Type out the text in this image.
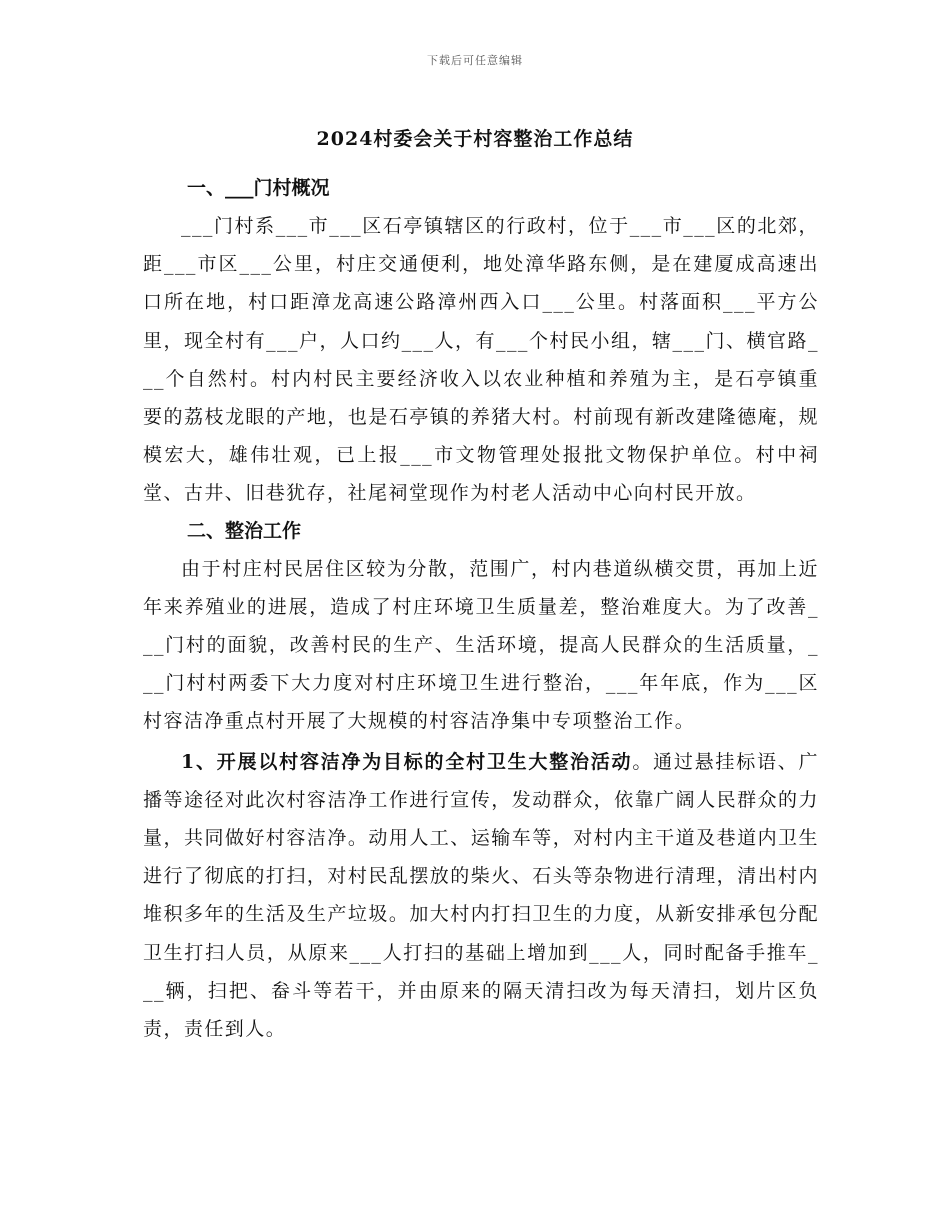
下载后可任意编辑
2024村委会关于村容整治工作总结

一、___门村概况

___门村系___市___区石亭镇辖区的行政村，位于___市___区的北郊，距___市区___公里，村庄交通便利，地处漳华路东侧，是在建厦成高速出口所在地，村口距漳龙高速公路漳州西入口___公里。村落面积___平方公里，现全村有___户，人口约___人，有___个村民小组，辖___门、横官路___个自然村。村内村民主要经济收入以农业种植和养殖为主，是石亭镇重要的荔枝龙眼的产地，也是石亭镇的养猪大村。村前现有新改建隆德庵，规模宏大，雄伟壮观，已上报___市文物管理处报批文物保护单位。村中祠堂、古井、旧巷犹存，社尾祠堂现作为村老人活动中心向村民开放。

二、整治工作

由于村庄村民居住区较为分散，范围广，村内巷道纵横交贯，再加上近年来养殖业的进展，造成了村庄环境卫生质量差，整治难度大。为了改善___门村的面貌，改善村民的生产、生活环境，提高人民群众的生活质量，___门村村两委下大力度对村庄环境卫生进行整治，___年年底，作为___区村容洁净重点村开展了大规模的村容洁净集中专项整治工作。

1、开展以村容洁净为目标的全村卫生大整治活动。通过悬挂标语、广播等途径对此次村容洁净工作进行宣传，发动群众，依靠广阔人民群众的力量，共同做好村容洁净。动用人工、运输车等，对村内主干道及巷道内卫生进行了彻底的打扫，对村民乱摆放的柴火、石头等杂物进行清理，清出村内堆积多年的生活及生产垃圾。加大村内打扫卫生的力度，从新安排承包分配卫生打扫人员，从原来___人打扫的基础上增加到___人，同时配备手推车___辆，扫把、畚斗等若干，并由原来的隔天清扫改为每天清扫，划片区负责，责任到人。
